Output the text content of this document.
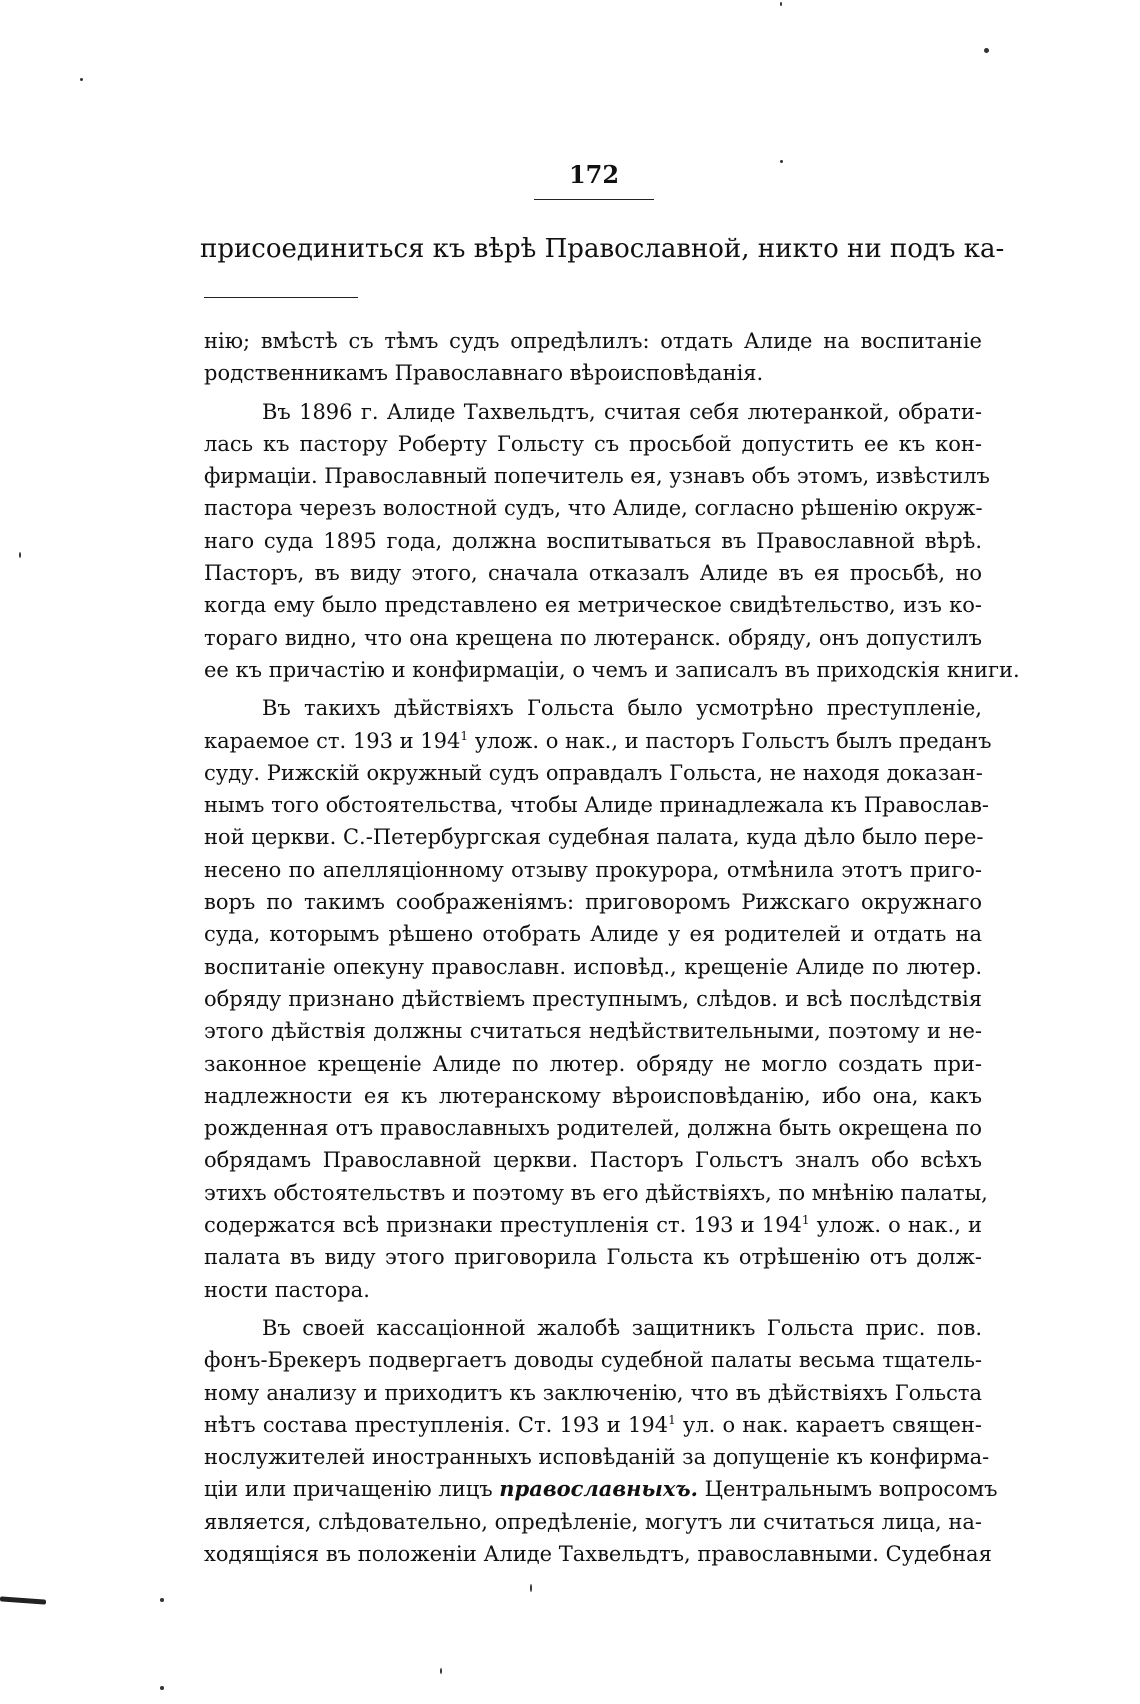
172
присоединиться къ вѣрѣ Православной, никто ни подъ ка-
нію; вмѣстѣ съ тѣмъ судъ опредѣлилъ: отдать Алиде на воспитаніе
родственникамъ Православнаго вѣроисповѣданія.
Въ 1896 г. Алиде Тахвельдтъ, считая себя лютеранкой, обрати-
лась къ пастору Роберту Гольсту съ просьбой допустить ее къ кон-
фирмаціи. Православный попечитель ея, узнавъ объ этомъ, извѣстилъ
пастора черезъ волостной судъ, что Алиде, согласно рѣшенію окруж-
наго суда 1895 года, должна воспитываться въ Православной вѣрѣ.
Пасторъ, въ виду этого, сначала отказалъ Алиде въ ея просьбѣ, но
когда ему было представлено ея метрическое свидѣтельство, изъ ко-
тораго видно, что она крещена по лютеранск. обряду, онъ допустилъ
ее къ причастію и конфирмаціи, о чемъ и записалъ въ приходскія книги.
Въ такихъ дѣйствіяхъ Гольста было усмотрѣно преступленіе,
караемое ст. 193 и $194^1$ улож. о нак., и пасторъ Гольстъ былъ преданъ
суду. Рижскій окружный судъ оправдалъ Гольста, не находя доказан-
нымъ того обстоятельства, чтобы Алиде принадлежала къ Православ-
ной церкви. С.-Петербургская судебная палата, куда дѣло было пере-
несено по апелляціонному отзыву прокурора, отмѣнила этотъ приго-
воръ по такимъ соображеніямъ: приговоромъ Рижскаго окружнаго
суда, которымъ рѣшено отобрать Алиде у ея родителей и отдать на
воспитаніе опекуну православн. исповѣд., крещеніе Алиде по лютер.
обряду признано дѣйствіемъ преступнымъ, слѣдов. и всѣ послѣдствія
этого дѣйствія должны считаться недѣйствительными, поэтому и не-
законное крещеніе Алиде по лютер. обряду не могло создать при-
надлежности ея къ лютеранскому вѣроисповѣданію, ибо она, какъ
рожденная отъ православныхъ родителей, должна быть окрещена по
обрядамъ Православной церкви. Пасторъ Гольстъ зналъ обо всѣхъ
этихъ обстоятельствъ и поэтому въ его дѣйствіяхъ, по мнѣнію палаты,
содержатся всѣ признаки преступленія ст. 193 и $194^1$ улож. о нак., и
палата въ виду этого приговорила Гольста къ отрѣшенію отъ долж-
ности пастора.
Въ своей кассаціонной жалобѣ защитникъ Гольста прис. пов.
фонъ-Брекеръ подвергаетъ доводы судебной палаты весьма тщатель-
ному анализу и приходитъ къ заключенію, что въ дѣйствіяхъ Гольста
нѣтъ состава преступленія. Ст. 193 и $194^1$ ул. о нак. караетъ священ-
нослужителей иностранныхъ исповѣданій за допущеніе къ конфирма-
ціи или причащенію лицъ православныхъ. Центральнымъ вопросомъ
является, слѣдовательно, опредѣленіе, могутъ ли считаться лица, на-
ходящіяся въ положеніи Алиде Тахвельдтъ, православными. Судебная
